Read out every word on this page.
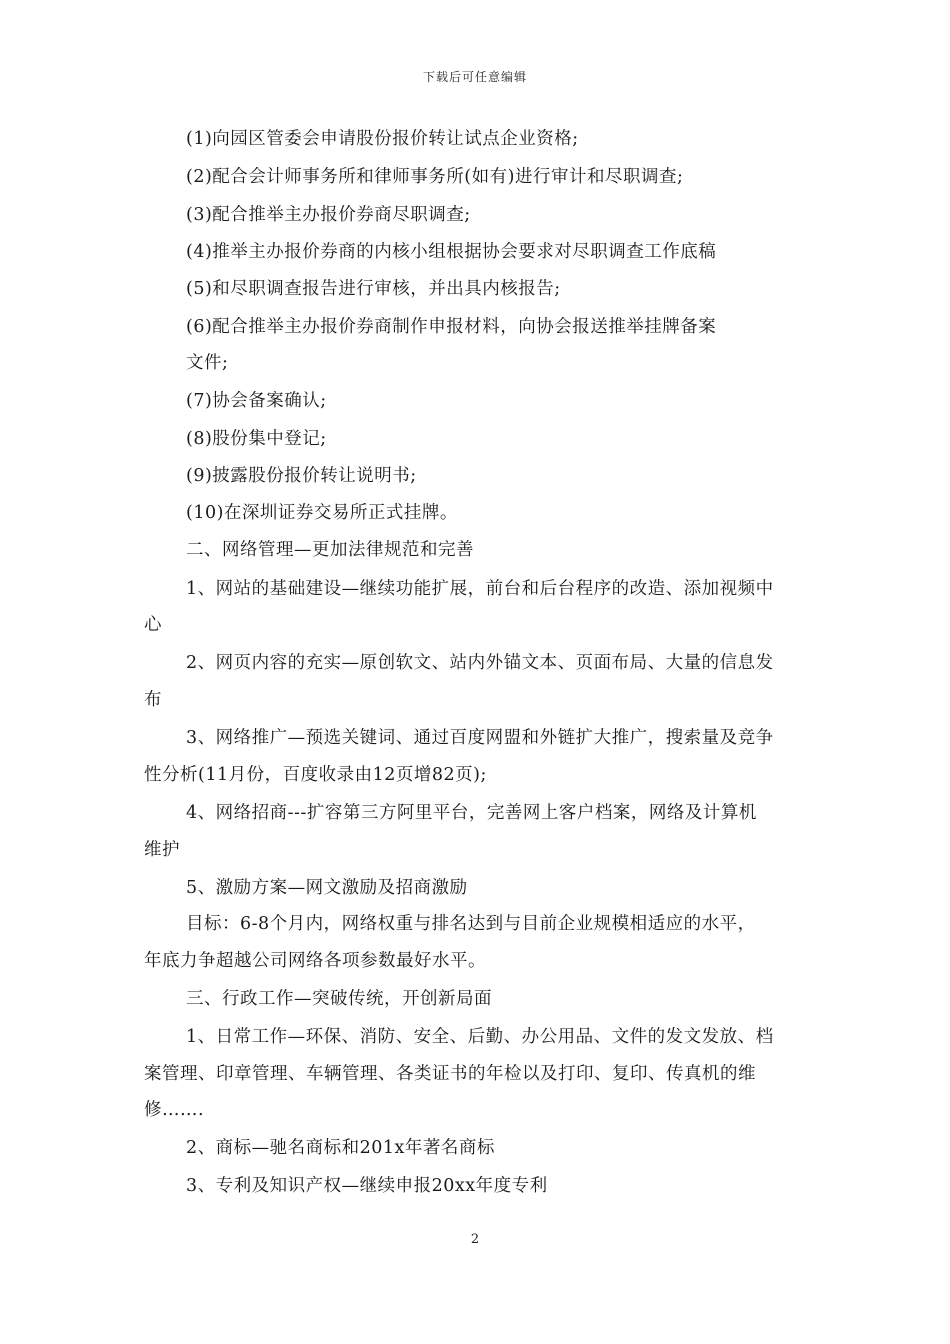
下载后可任意编辑
(1)向园区管委会申请股份报价转让试点企业资格;
(2)配合会计师事务所和律师事务所(如有)进行审计和尽职调查;
(3)配合推举主办报价券商尽职调查;
(4)推举主办报价券商的内核小组根据协会要求对尽职调查工作底稿
(5)和尽职调查报告进行审核，并出具内核报告;
(6)配合推举主办报价券商制作申报材料，向协会报送推举挂牌备案
文件;
(7)协会备案确认;
(8)股份集中登记;
(9)披露股份报价转让说明书;
(10)在深圳证券交易所正式挂牌。
二、网络管理—更加法律规范和完善
1、网站的基础建设—继续功能扩展，前台和后台程序的改造、添加视频中
心
2、网页内容的充实—原创软文、站内外锚文本、页面布局、大量的信息发
布
3、网络推广—预选关键词、通过百度网盟和外链扩大推广，搜索量及竞争
性分析(11月份，百度收录由12页增82页);
4、网络招商---扩容第三方阿里平台，完善网上客户档案，网络及计算机
维护
5、激励方案—网文激励及招商激励
目标：6-8个月内，网络权重与排名达到与目前企业规模相适应的水平，
年底力争超越公司网络各项参数最好水平。
三、行政工作—突破传统，开创新局面
1、日常工作—环保、消防、安全、后勤、办公用品、文件的发文发放、档
案管理、印章管理、车辆管理、各类证书的年检以及打印、复印、传真机的维
修…….
2、商标—驰名商标和201x年著名商标
3、专利及知识产权—继续申报20xx年度专利
2
